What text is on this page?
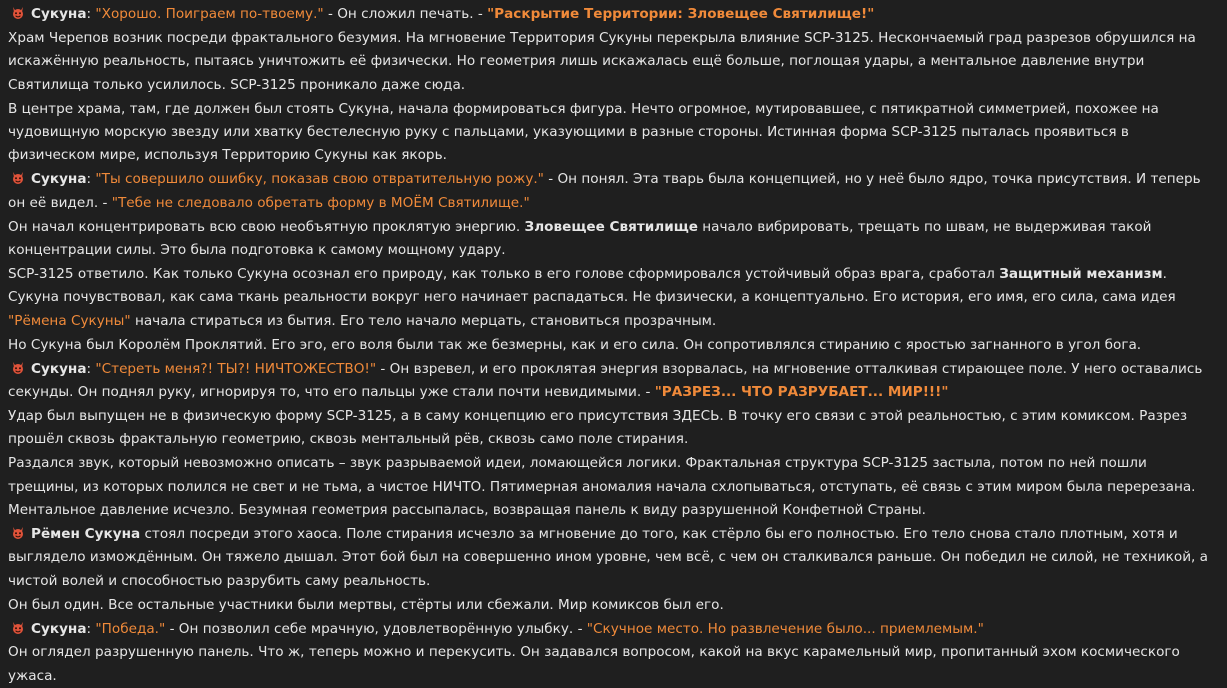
Сукуна: "Хорошо. Поиграем по-твоему." - Он сложил печать. - "Раскрытие Территории: Зловещее Святилище!"

Храм Черепов возник посреди фрактального безумия. На мгновение Территория Сукуны перекрыла влияние SCP-3125. Нескончаемый град разрезов обрушился на искажённую реальность, пытаясь уничтожить её физически. Но геометрия лишь искажалась ещё больше, поглощая удары, а ментальное давление внутри Святилища только усилилось. SCP-3125 проникало даже сюда.

В центре храма, там, где должен был стоять Сукуна, начала формироваться фигура. Нечто огромное, мутировавшее, с пятикратной симметрией, похожее на чудовищную морскую звезду или хватку бестелесную руку с пальцами, указующими в разные стороны. Истинная форма SCP-3125 пыталась проявиться в физическом мире, используя Территорию Сукуны как якорь.

Сукуна: "Ты совершило ошибку, показав свою отвратительную рожу." - Он понял. Эта тварь была концепцией, но у неё было ядро, точка присутствия. И теперь он её видел. - "Тебе не следовало обретать форму в МОЁМ Святилище."

Он начал концентрировать всю свою необъятную проклятую энергию. Зловещее Святилище начало вибрировать, трещать по швам, не выдерживая такой концентрации силы. Это была подготовка к самому мощному удару.

SCP-3125 ответило. Как только Сукуна осознал его природу, как только в его голове сформировался устойчивый образ врага, сработал Защитный механизм. Сукуна почувствовал, как сама ткань реальности вокруг него начинает распадаться. Не физически, а концептуально. Его история, его имя, его сила, сама идея "Рёмена Сукуны" начала стираться из бытия. Его тело начало мерцать, становиться прозрачным.

Но Сукуна был Королём Проклятий. Его эго, его воля были так же безмерны, как и его сила. Он сопротивлялся стиранию с яростью загнанного в угол бога.

Сукуна: "Стереть меня?! ТЫ?! НИЧТОЖЕСТВО!" - Он взревел, и его проклятая энергия взорвалась, на мгновение отталкивая стирающее поле. У него оставались секунды. Он поднял руку, игнорируя то, что его пальцы уже стали почти невидимыми. - "РАЗРЕЗ... ЧТО РАЗРУБАЕТ... МИР!!!"

Удар был выпущен не в физическую форму SCP-3125, а в саму концепцию его присутствия ЗДЕСЬ. В точку его связи с этой реальностью, с этим комиксом. Разрез прошёл сквозь фрактальную геометрию, сквозь ментальный рёв, сквозь само поле стирания.

Раздался звук, который невозможно описать – звук разрываемой идеи, ломающейся логики. Фрактальная структура SCP-3125 застыла, потом по ней пошли трещины, из которых полился не свет и не тьма, а чистое НИЧТО. Пятимерная аномалия начала схлопываться, отступать, её связь с этим миром была перерезана. Ментальное давление исчезло. Безумная геометрия рассыпалась, возвращая панель к виду разрушенной Конфетной Страны.

Рёмен Сукуна стоял посреди этого хаоса. Поле стирания исчезло за мгновение до того, как стёрло бы его полностью. Его тело снова стало плотным, хотя и выглядело измождённым. Он тяжело дышал. Этот бой был на совершенно ином уровне, чем всё, с чем он сталкивался раньше. Он победил не силой, не техникой, а чистой волей и способностью разрубить саму реальность.

Он был один. Все остальные участники были мертвы, стёрты или сбежали. Мир комиксов был его.

Сукуна: "Победа." - Он позволил себе мрачную, удовлетворённую улыбку. - "Скучное место. Но развлечение было... приемлемым."

Он оглядел разрушенную панель. Что ж, теперь можно и перекусить. Он задавался вопросом, какой на вкус карамельный мир, пропитанный эхом космического ужаса.
